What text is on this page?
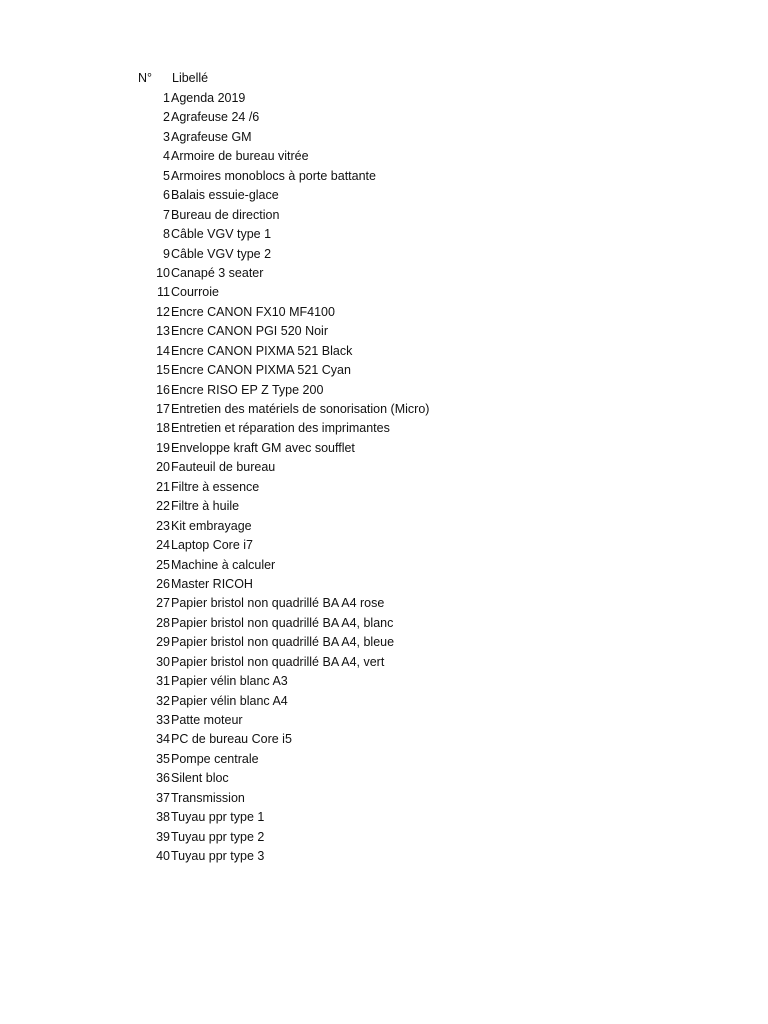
N°	Libellé
1 Agenda 2019
2 Agrafeuse 24 /6
3 Agrafeuse GM
4 Armoire de bureau vitrée
5 Armoires monoblocs à porte battante
6 Balais essuie-glace
7 Bureau de direction
8 Câble VGV type 1
9 Câble VGV type 2
10 Canapé 3 seater
11 Courroie
12 Encre CANON FX10 MF4100
13 Encre CANON PGI 520 Noir
14 Encre CANON PIXMA 521 Black
15 Encre CANON PIXMA 521 Cyan
16 Encre RISO EP Z Type 200
17 Entretien des matériels de sonorisation (Micro)
18 Entretien et réparation des imprimantes
19 Enveloppe kraft GM avec soufflet
20 Fauteuil de bureau
21 Filtre à essence
22 Filtre à huile
23 Kit embrayage
24 Laptop Core i7
25 Machine à calculer
26 Master RICOH
27 Papier bristol non quadrillé BA A4 rose
28 Papier bristol non quadrillé BA A4, blanc
29 Papier bristol non quadrillé BA A4, bleue
30 Papier bristol non quadrillé BA A4, vert
31 Papier vélin blanc A3
32 Papier vélin blanc A4
33 Patte moteur
34 PC de bureau Core i5
35 Pompe centrale
36 Silent bloc
37 Transmission
38 Tuyau ppr type 1
39 Tuyau ppr type 2
40 Tuyau ppr type 3
